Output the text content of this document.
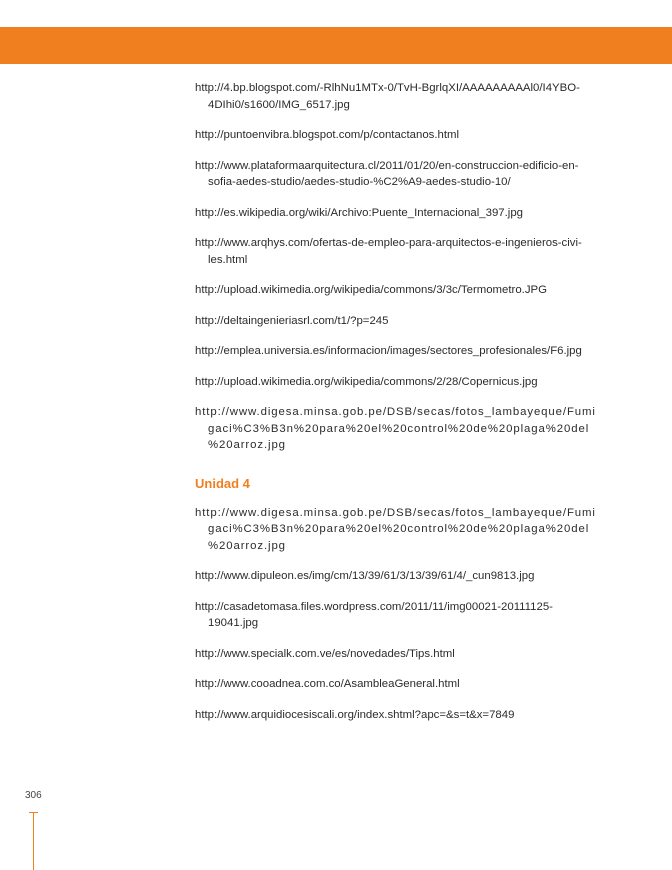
http://4.bp.blogspot.com/-RlhNu1MTx-0/TvH-BgrlqXI/AAAAAAAAAl0/I4YBO-4DIhi0/s1600/IMG_6517.jpg

http://puntoenvibra.blogspot.com/p/contactanos.html

http://www.plataformaarquitectura.cl/2011/01/20/en-construccion-edificio-en-sofia-aedes-studio/aedes-studio-%C2%A9-aedes-studio-10/

http://es.wikipedia.org/wiki/Archivo:Puente_Internacional_397.jpg

http://www.arqhys.com/ofertas-de-empleo-para-arquitectos-e-ingenieros-civi-les.html

http://upload.wikimedia.org/wikipedia/commons/3/3c/Termometro.JPG

http://deltaingenieriasrl.com/t1/?p=245

http://emplea.universia.es/informacion/images/sectores_profesionales/F6.jpg

http://upload.wikimedia.org/wikipedia/commons/2/28/Copernicus.jpg

http://www.digesa.minsa.gob.pe/DSB/secas/fotos_lambayeque/Fumigaci%C3%B3n%20para%20el%20control%20de%20plaga%20del%20arroz.jpg

Unidad 4

http://www.digesa.minsa.gob.pe/DSB/secas/fotos_lambayeque/Fumigaci%C3%B3n%20para%20el%20control%20de%20plaga%20del%20arroz.jpg

http://www.dipuleon.es/img/cm/13/39/61/3/13/39/61/4/_cun9813.jpg

http://casadetomasa.files.wordpress.com/2011/11/img00021-20111125-19041.jpg

http://www.specialk.com.ve/es/novedades/Tips.html

http://www.cooadnea.com.co/AsambleaGeneral.html

http://www.arquidiocesiscali.org/index.shtml?apc=&s=t&x=7849

306
